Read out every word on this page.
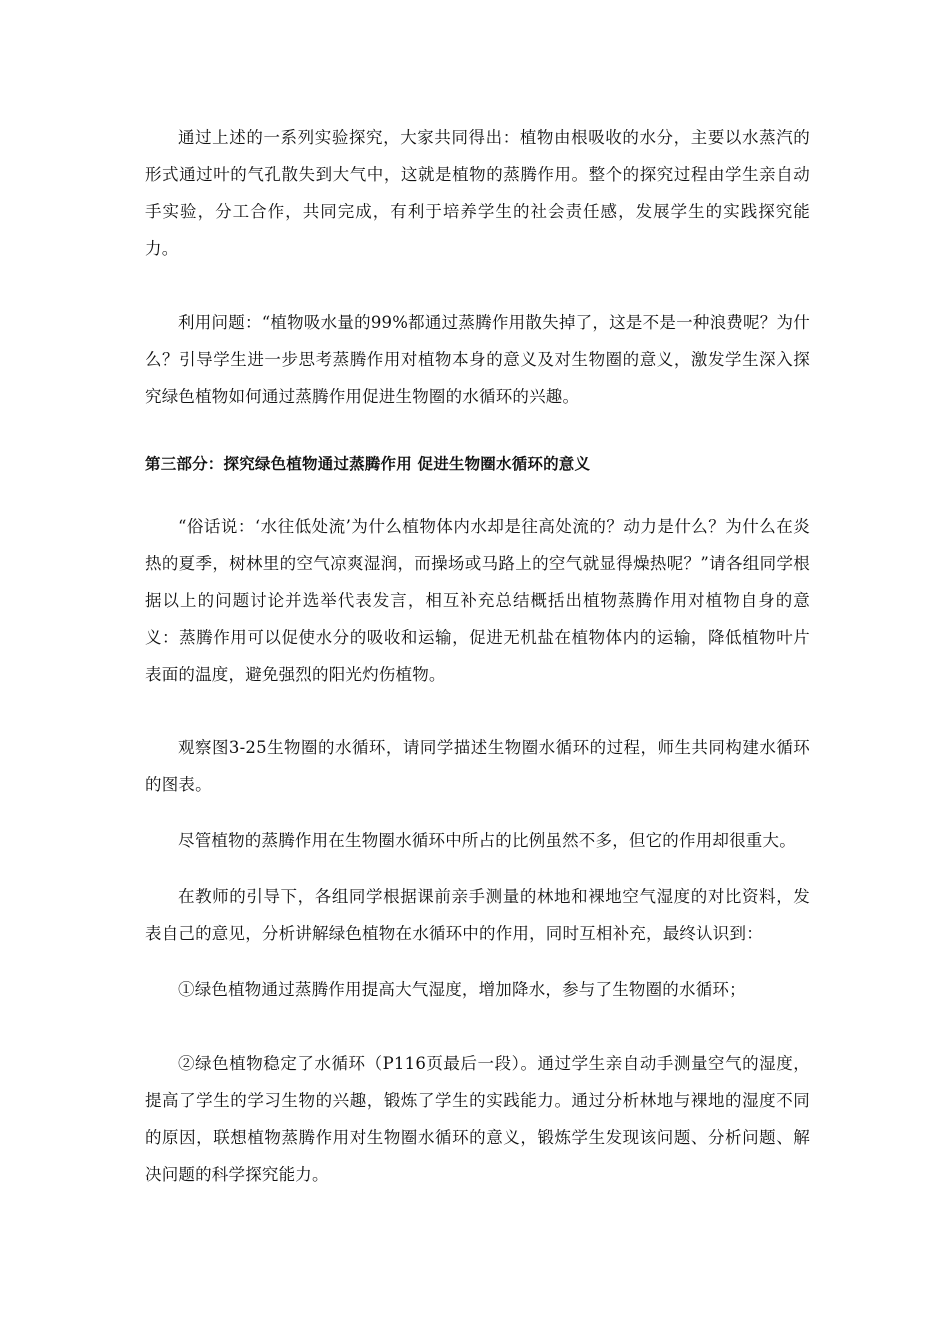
通过上述的一系列实验探究，大家共同得出：植物由根吸收的水分，主要以水蒸汽的形式通过叶的气孔散失到大气中，这就是植物的蒸腾作用。整个的探究过程由学生亲自动手实验，分工合作，共同完成，有利于培养学生的社会责任感，发展学生的实践探究能力。

利用问题：“植物吸水量的99%都通过蒸腾作用散失掉了，这是不是一种浪费呢？为什么？引导学生进一步思考蒸腾作用对植物本身的意义及对生物圈的意义，激发学生深入探究绿色植物如何通过蒸腾作用促进生物圈的水循环的兴趣。

第三部分：探究绿色植物通过蒸腾作用 促进生物圈水循环的意义

“俗话说：‘水往低处流’为什么植物体内水却是往高处流的？动力是什么？为什么在炎热的夏季，树林里的空气凉爽湿润，而操场或马路上的空气就显得燥热呢？”请各组同学根据以上的问题讨论并选举代表发言，相互补充总结概括出植物蒸腾作用对植物自身的意义：蒸腾作用可以促使水分的吸收和运输，促进无机盐在植物体内的运输，降低植物叶片表面的温度，避免强烈的阳光灼伤植物。

观察图3-25生物圈的水循环，请同学描述生物圈水循环的过程，师生共同构建水循环的图表。

尽管植物的蒸腾作用在生物圈水循环中所占的比例虽然不多，但它的作用却很重大。

在教师的引导下，各组同学根据课前亲手测量的林地和裸地空气湿度的对比资料，发表自己的意见，分析讲解绿色植物在水循环中的作用，同时互相补充，最终认识到：

①绿色植物通过蒸腾作用提高大气湿度，增加降水，参与了生物圈的水循环；

②绿色植物稳定了水循环（P116页最后一段）。通过学生亲自动手测量空气的湿度，提高了学生的学习生物的兴趣，锻炼了学生的实践能力。通过分析林地与裸地的湿度不同的原因，联想植物蒸腾作用对生物圈水循环的意义，锻炼学生发现该问题、分析问题、解决问题的科学探究能力。
